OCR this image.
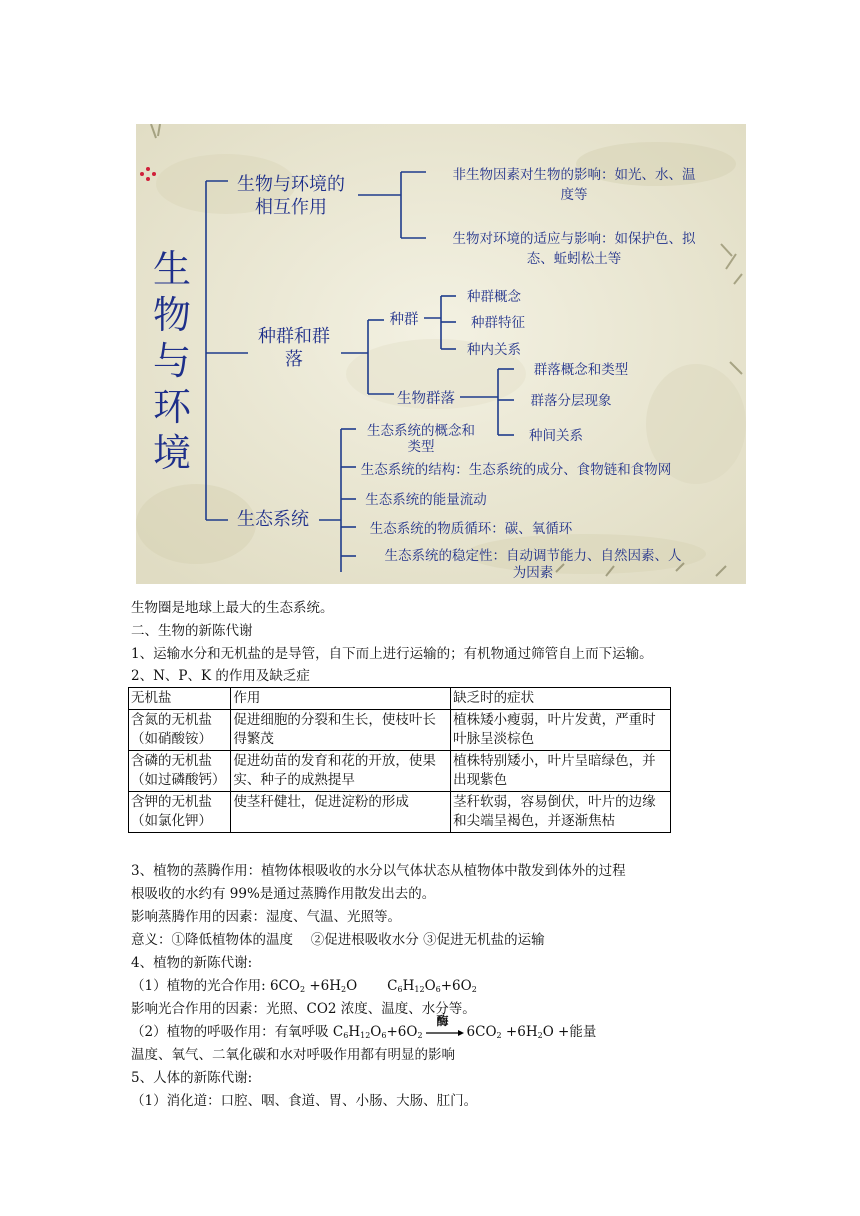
生物与环境
生物与环境的相互作用
非生物因素对生物的影响：如光、水、温度等
生物对环境的适应与影响：如保护色、拟态、蚯蚓松土等
种群和群落
种群
种群概念
种群特征
种内关系
生物群落
群落概念和类型
群落分层现象
种间关系
生态系统
生态系统的概念和类型
生态系统的结构：生态系统的成分、食物链和食物网
生态系统的能量流动
生态系统的物质循环：碳、氧循环
生态系统的稳定性：自动调节能力、自然因素、人为因素
生物圈是地球上最大的生态系统。
二、生物的新陈代谢
1、运输水分和无机盐的是导管，自下而上进行运输的；有机物通过筛管自上而下运输。
2、N、P、K 的作用及缺乏症
无机盐	作用	缺乏时的症状
含氮的无机盐（如硝酸铵）	促进细胞的分裂和生长，使枝叶长得繁茂	植株矮小瘦弱，叶片发黄，严重时叶脉呈淡棕色
含磷的无机盐（如过磷酸钙）	促进幼苗的发育和花的开放，使果实、种子的成熟提早	植株特别矮小，叶片呈暗绿色，并出现紫色
含钾的无机盐（如氯化钾）	使茎秆健壮，促进淀粉的形成	茎秆软弱，容易倒伏，叶片的边缘和尖端呈褐色，并逐渐焦枯
3、植物的蒸腾作用：植物体根吸收的水分以气体状态从植物体中散发到体外的过程
根吸收的水约有 99%是通过蒸腾作用散发出去的。
影响蒸腾作用的因素：湿度、气温、光照等。
意义：①降低植物体的温度 　②促进根吸收水分 ③促进无机盐的运输
4、植物的新陈代谢:
（1）植物的光合作用: $6CO_2 +6H_2O$ $C_6H_{12}O_6+6O_2$
影响光合作用的因素：光照、CO2 浓度、温度、水分等。
（2）植物的呼吸作用：有氧呼吸 $C_6H_{12}O_6+6O_2$
酶
$6CO_2 +6H_2O$ +能量
温度、氧气、二氧化碳和水对呼吸作用都有明显的影响
5、人体的新陈代谢:
（1）消化道：口腔、咽、食道、胃、小肠、大肠、肛门。
